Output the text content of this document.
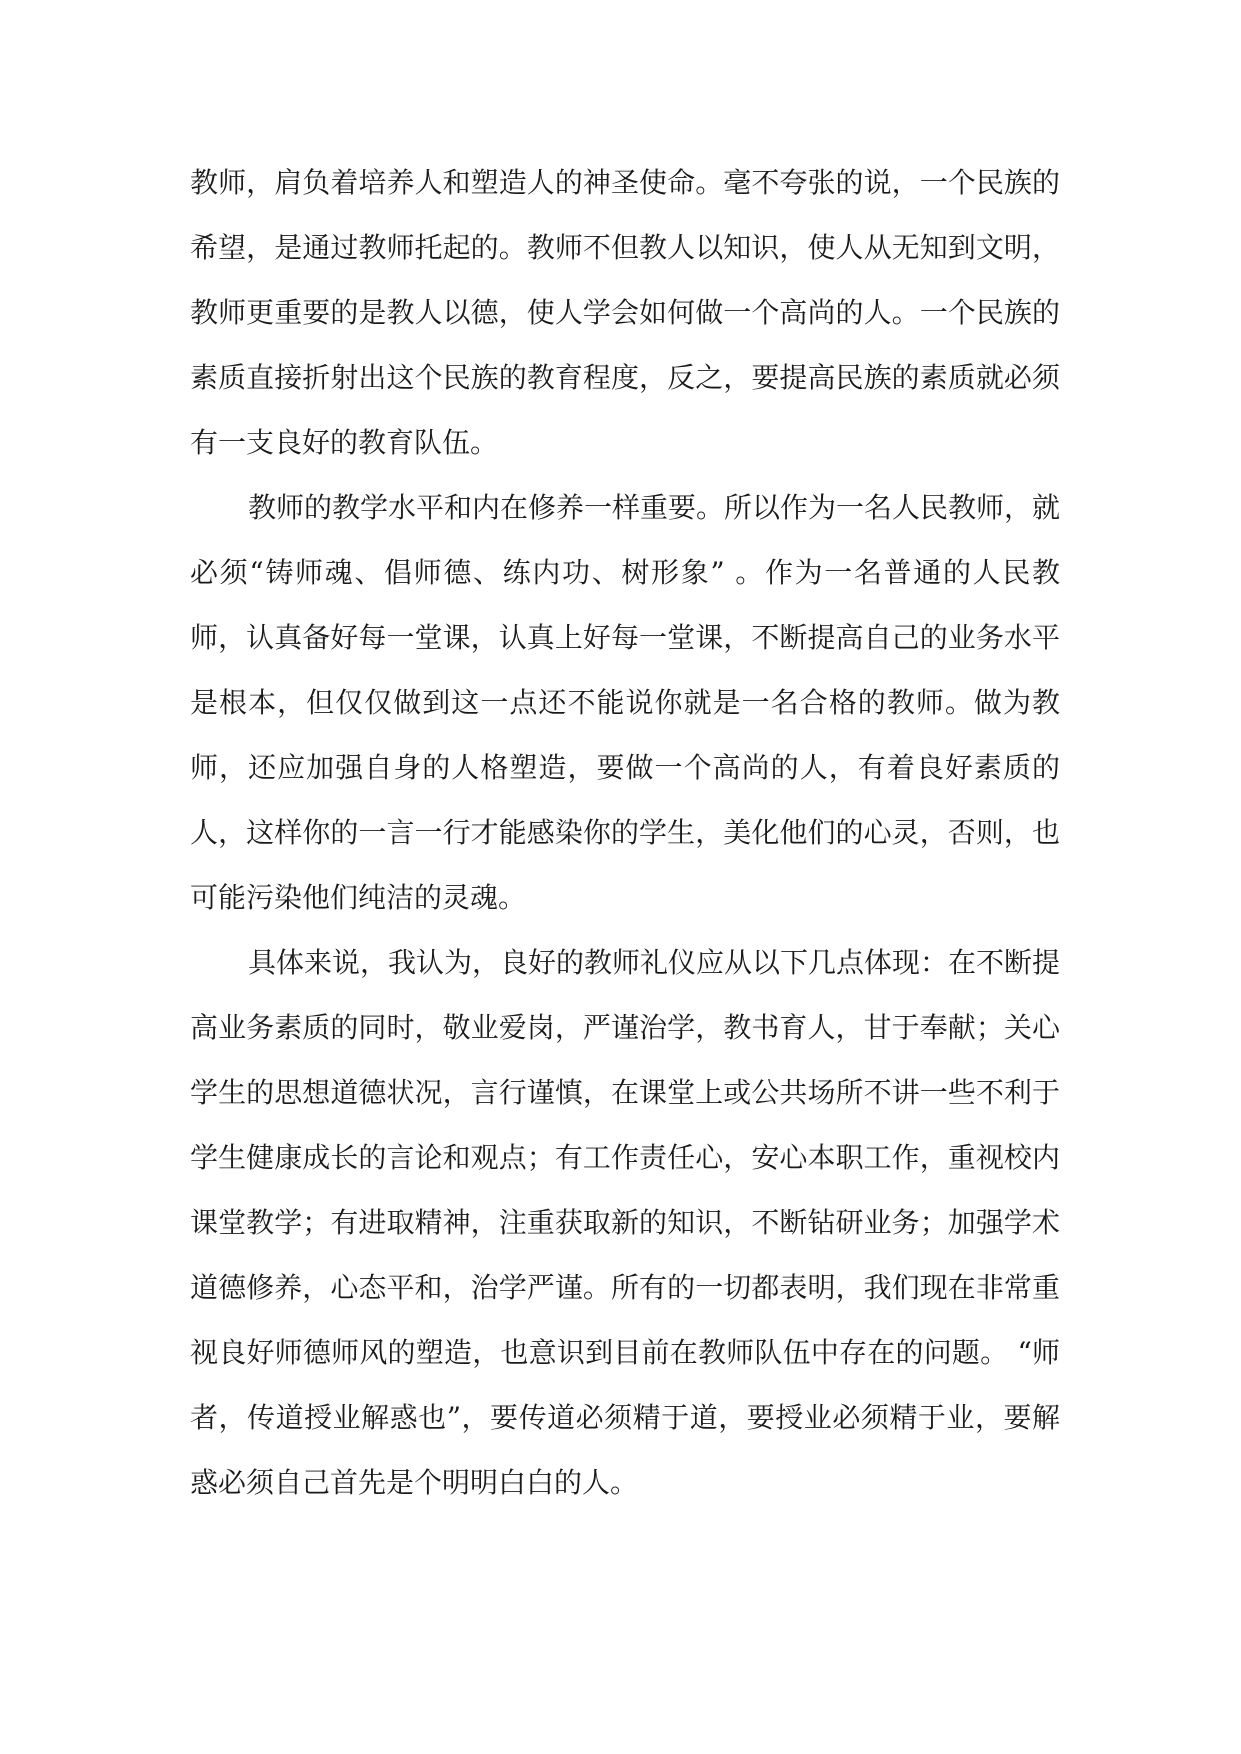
教师，肩负着培养人和塑造人的神圣使命。毫不夸张的说，一个民族的希望，是通过教师托起的。教师不但教人以知识，使人从无知到文明，教师更重要的是教人以德，使人学会如何做一个高尚的人。一个民族的素质直接折射出这个民族的教育程度，反之，要提高民族的素质就必须有一支良好的教育队伍。

教师的教学水平和内在修养一样重要。所以作为一名人民教师，就必须“铸师魂、倡师德、练内功、树形象” 。作为一名普通的人民教师，认真备好每一堂课，认真上好每一堂课，不断提高自己的业务水平是根本，但仅仅做到这一点还不能说你就是一名合格的教师。做为教师，还应加强自身的人格塑造，要做一个高尚的人，有着良好素质的人，这样你的一言一行才能感染你的学生，美化他们的心灵，否则，也可能污染他们纯洁的灵魂。

具体来说，我认为，良好的教师礼仪应从以下几点体现：在不断提高业务素质的同时，敬业爱岗，严谨治学，教书育人，甘于奉献；关心学生的思想道德状况，言行谨慎，在课堂上或公共场所不讲一些不利于学生健康成长的言论和观点；有工作责任心，安心本职工作，重视校内课堂教学；有进取精神，注重获取新的知识，不断钻研业务；加强学术道德修养，心态平和，治学严谨。所有的一切都表明，我们现在非常重视良好师德师风的塑造，也意识到目前在教师队伍中存在的问题。 “师者，传道授业解惑也”，要传道必须精于道，要授业必须精于业，要解惑必须自己首先是个明明白白的人。
